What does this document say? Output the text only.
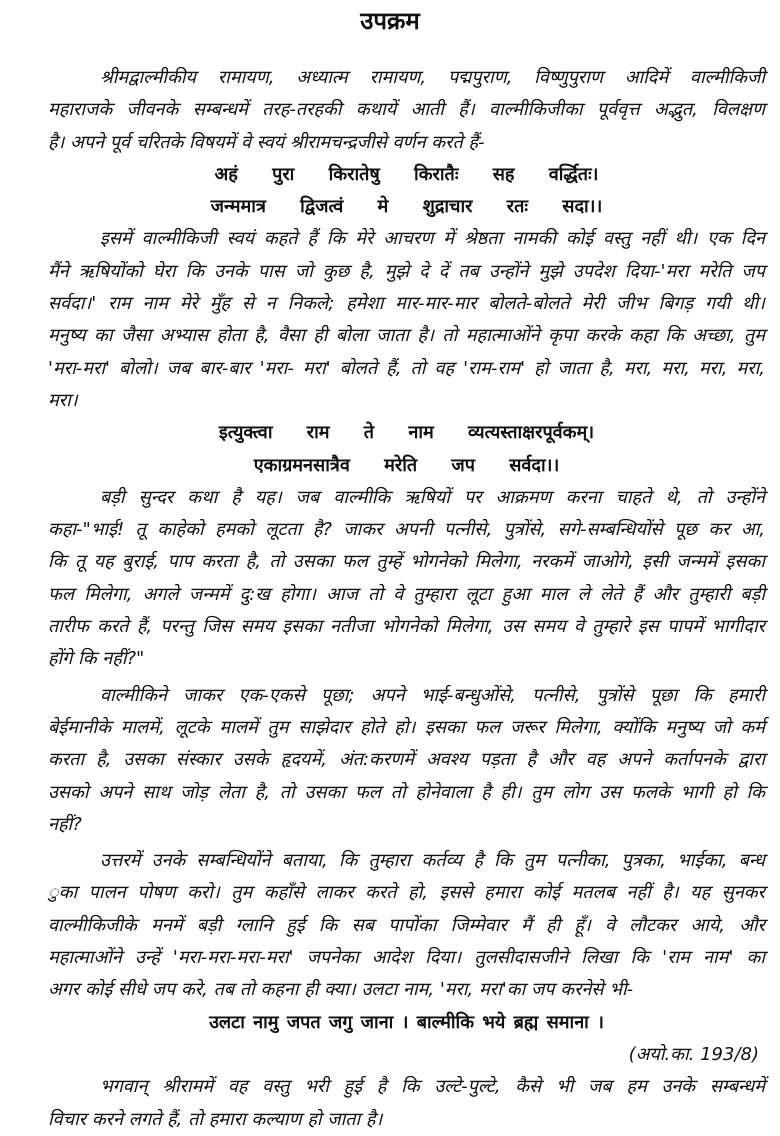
उपक्रम
श्रीमद्वाल्मीकीय रामायण, अध्यात्म रामायण, पद्मपुराण, विष्णुपुराण आदिमें वाल्मीकिजी
महाराजके जीवनके सम्बन्धमें तरह-तरहकी कथायें आती हैं। वाल्मीकिजीका पूर्ववृत्त अद्भुत, विलक्षण
है। अपने पूर्व चरितके विषयमें वे स्वयं श्रीरामचन्द्रजीसे वर्णन करते हैं-
अहं पुरा किरातेषु किरातैः सह वर्द्धितः।
जन्ममात्र द्विजत्वं मे शुद्राचार रतः सदा।।
इसमें वाल्मीकिजी स्वयं कहते हैं कि मेरे आचरण में श्रेष्ठता नामकी कोई वस्तु नहीं थी। एक दिन
मैंने ऋषियोंको घेरा कि उनके पास जो कुछ है, मुझे दे दें तब उन्होंने मुझे उपदेश दिया-'मरा मरेति जप
सर्वदा।' राम नाम मेरे मुँह से न निकले; हमेशा मार-मार-मार बोलते-बोलते मेरी जीभ बिगड़ गयी थी।
मनुष्य का जैसा अभ्यास होता है, वैसा ही बोला जाता है। तो महात्माओंने कृपा करके कहा कि अच्छा, तुम
'मरा-मरा' बोलो। जब बार-बार 'मरा- मरा' बोलते हैं, तो वह 'राम-राम' हो जाता है, मरा, मरा, मरा, मरा,
मरा।
इत्युक्त्वा राम ते नाम व्यत्यस्ताक्षरपूर्वकम्।
एकाग्रमनसात्रैव मरेति जप सर्वदा।।
बड़ी सुन्दर कथा है यह। जब वाल्मीकि ऋषियों पर आक्रमण करना चाहते थे, तो उन्होंने
कहा-"भाई! तू काहेको हमको लूटता है? जाकर अपनी पत्नीसे, पुत्रोंसे, सगे-सम्बन्धियोंसे पूछ कर आ,
कि तू यह बुराई, पाप करता है, तो उसका फल तुम्हें भोगनेको मिलेगा, नरकमें जाओगे, इसी जन्ममें इसका
फल मिलेगा, अगले जन्ममें दु:ख होगा। आज तो वे तुम्हारा लूटा हुआ माल ले लेते हैं और तुम्हारी बड़ी
तारीफ करते हैं, परन्तु जिस समय इसका नतीजा भोगनेको मिलेगा, उस समय वे तुम्हारे इस पापमें भागीदार
होंगे कि नहीं?"
वाल्मीकिने जाकर एक-एकसे पूछा; अपने भाई-बन्धुओंसे, पत्नीसे, पुत्रोंसे पूछा कि हमारी
बेईमानीके मालमें, लूटके मालमें तुम साझेदार होते हो। इसका फल जरूर मिलेगा, क्योंकि मनुष्य जो कर्म
करता है, उसका संस्कार उसके हृदयमें, अंत:करणमें अवश्य पड़ता है और वह अपने कर्तापनके द्वारा
उसको अपने साथ जोड़ लेता है, तो उसका फल तो होनेवाला है ही। तुम लोग उस फलके भागी हो कि
नहीं?
उत्तरमें उनके सम्बन्धियोंने बताया, कि तुम्हारा कर्तव्य है कि तुम पत्नीका, पुत्रका, भाईका, बन्ध
ुका पालन पोषण करो। तुम कहाँसे लाकर करते हो, इससे हमारा कोई मतलब नहीं है। यह सुनकर
वाल्मीकिजीके मनमें बड़ी ग्लानि हुई कि सब पापोंका जिम्मेवार मैं ही हूँ। वे लौटकर आये, और
महात्माओंने उन्हें 'मरा-मरा-मरा-मरा' जपनेका आदेश दिया। तुलसीदासजीने लिखा कि 'राम नाम' का
अगर कोई सीधे जप करे, तब तो कहना ही क्या। उलटा नाम, 'मरा, मरा'का जप करनेसे भी-
उलटा नामु जपत जगु जाना । बाल्मीकि भये ब्रह्म समाना ।
(अयो.का. 193/8)
भगवान् श्रीराममें वह वस्तु भरी हुई है कि उल्टे-पुल्टे, कैसे भी जब हम उनके सम्बन्धमें
विचार करने लगते हैं, तो हमारा कल्याण हो जाता है।
